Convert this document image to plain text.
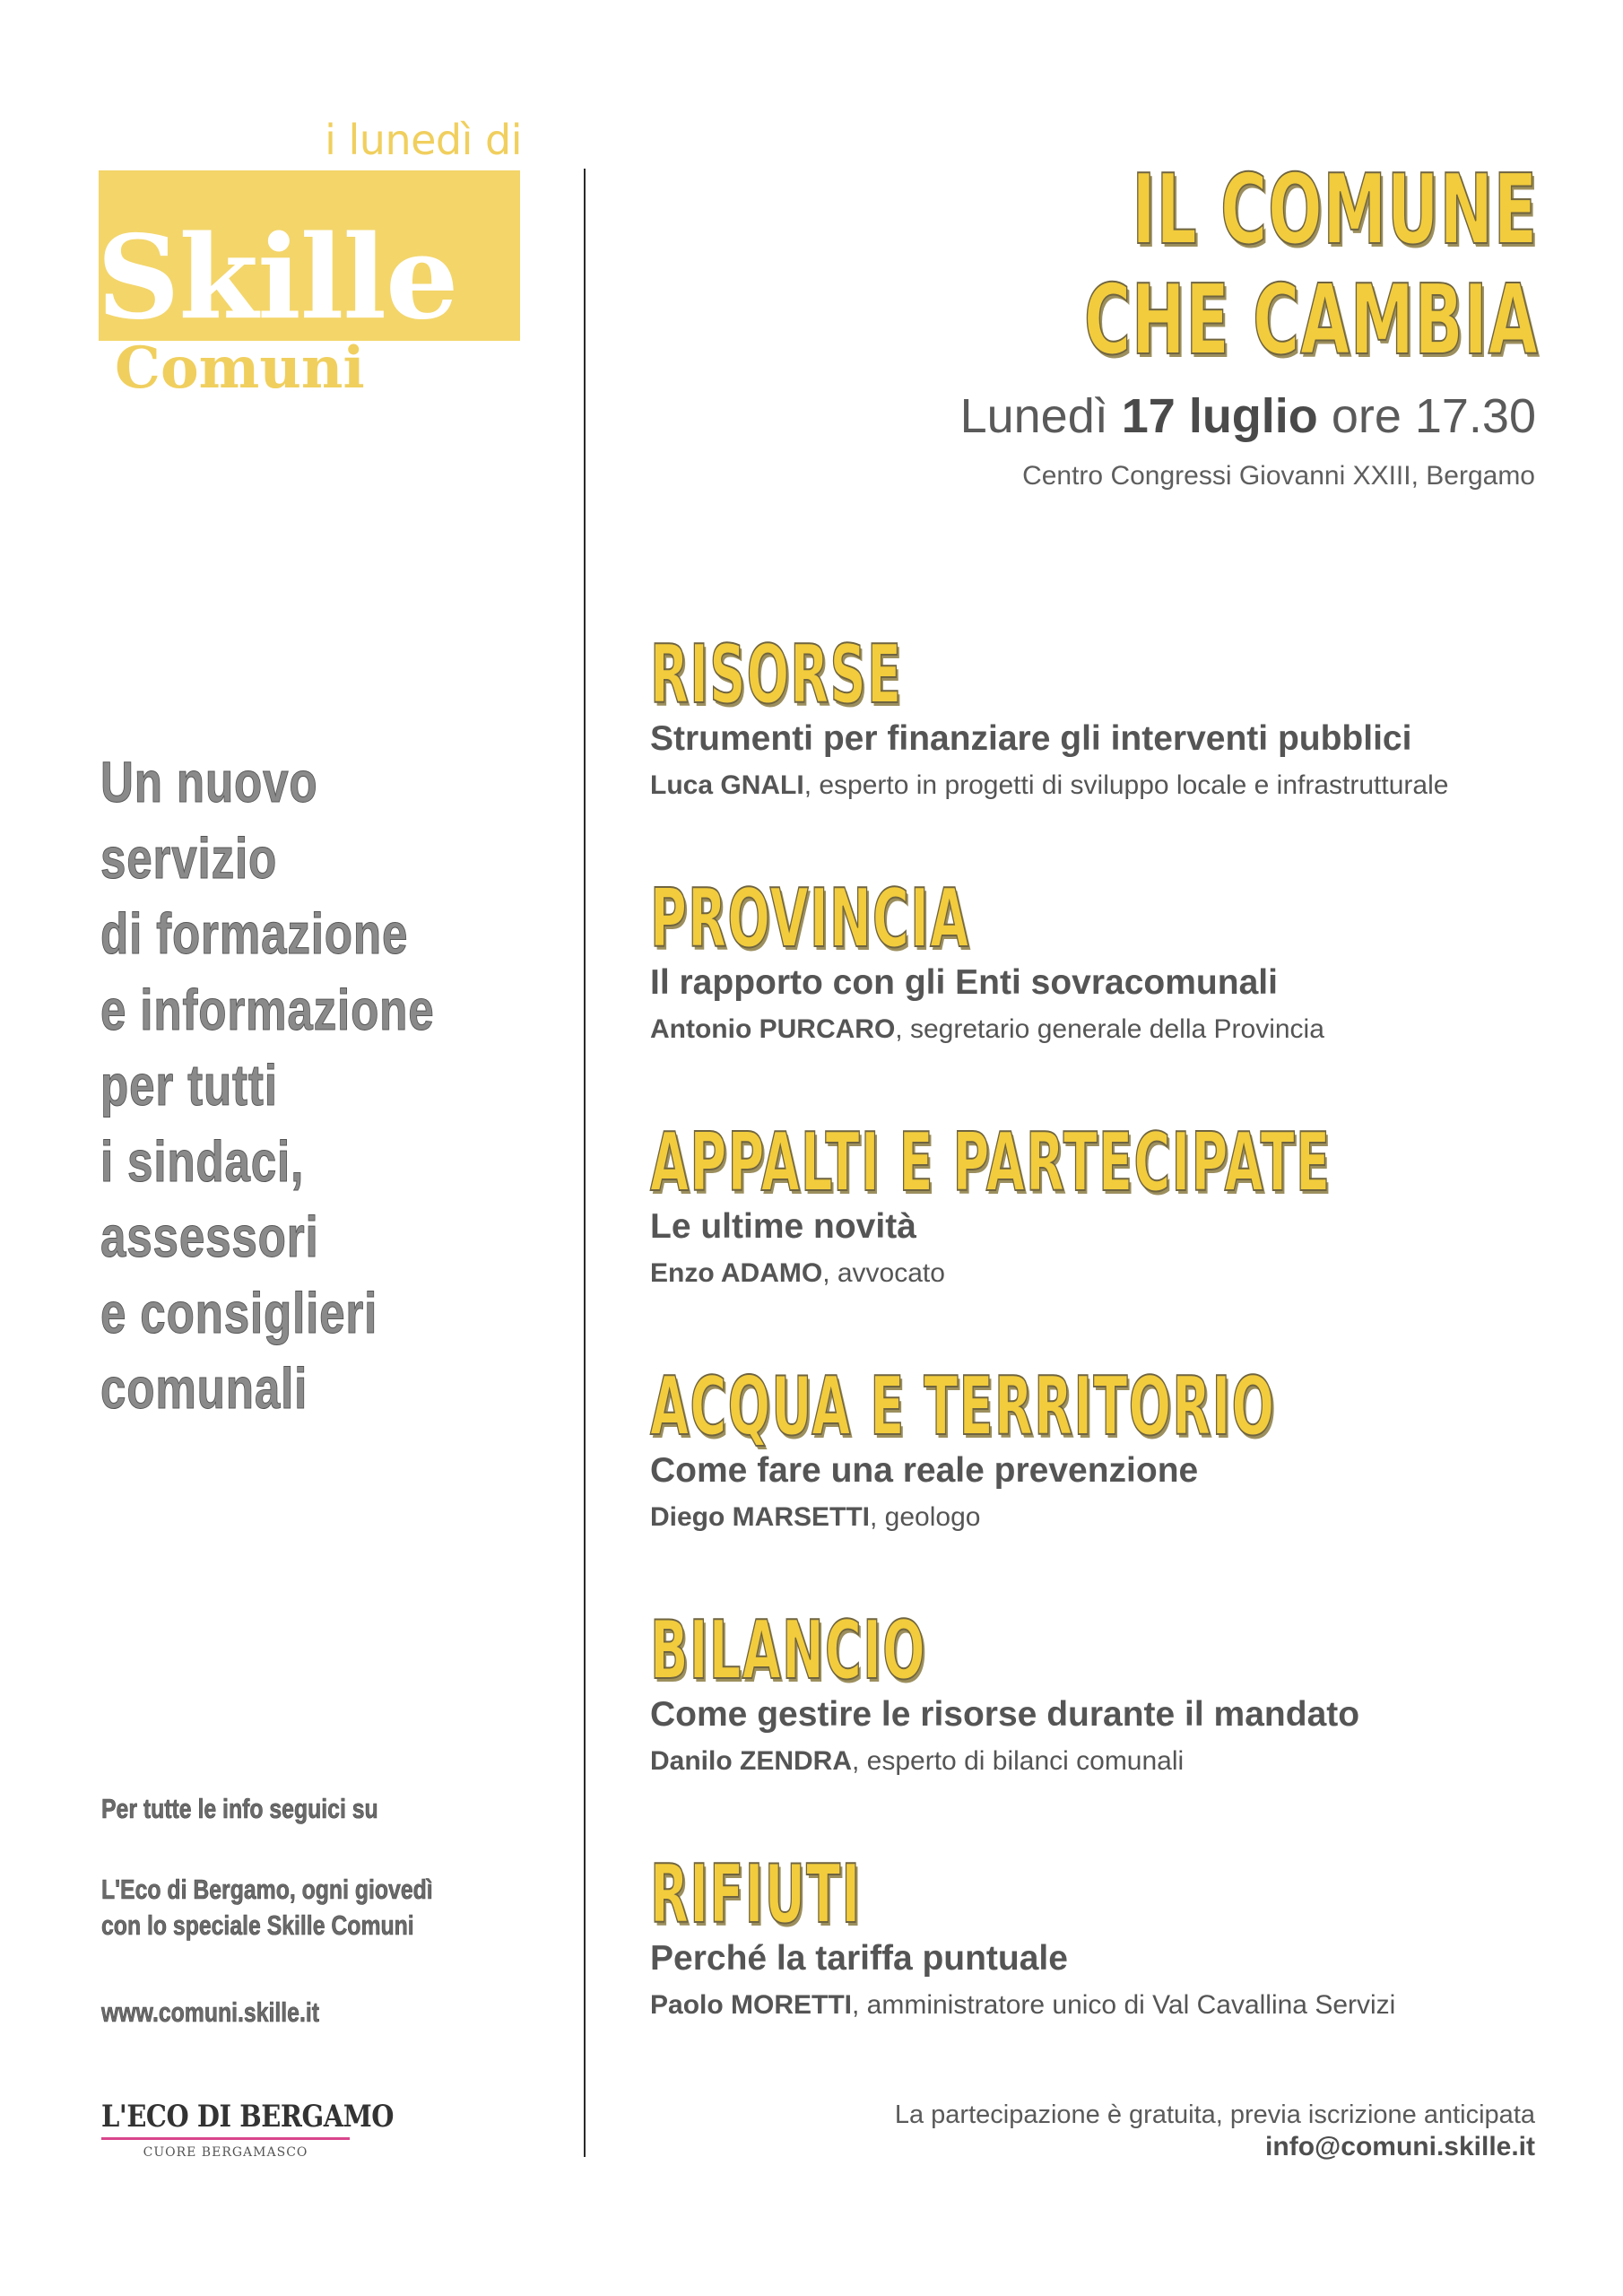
i lunedì di
Skille
Comuni
Un nuovo
servizio
di formazione
e informazione
per tutti
i sindaci,
assessori
e consiglieri
comunali
Per tutte le info seguici su
L'Eco di Bergamo, ogni giovedì
con lo speciale Skille Comuni
www.comuni.skille.it
L'ECO DI BERGAMO
CUORE BERGAMASCO
IL COMUNE
CHE CAMBIA
Lunedì 17 luglio ore 17.30
Centro Congressi Giovanni XXIII, Bergamo
RISORSE
Strumenti per finanziare gli interventi pubblici
Luca GNALI, esperto in progetti di sviluppo locale e infrastrutturale
PROVINCIA
Il rapporto con gli Enti sovracomunali
Antonio PURCARO, segretario generale della Provincia
APPALTI E PARTECIPATE
Le ultime novità
Enzo ADAMO, avvocato
ACQUA E TERRITORIO
Come fare una reale prevenzione
Diego MARSETTI, geologo
BILANCIO
Come gestire le risorse durante il mandato
Danilo ZENDRA, esperto di bilanci comunali
RIFIUTI
Perché la tariffa puntuale
Paolo MORETTI, amministratore unico di Val Cavallina Servizi
La partecipazione è gratuita, previa iscrizione anticipata
info@comuni.skille.it
